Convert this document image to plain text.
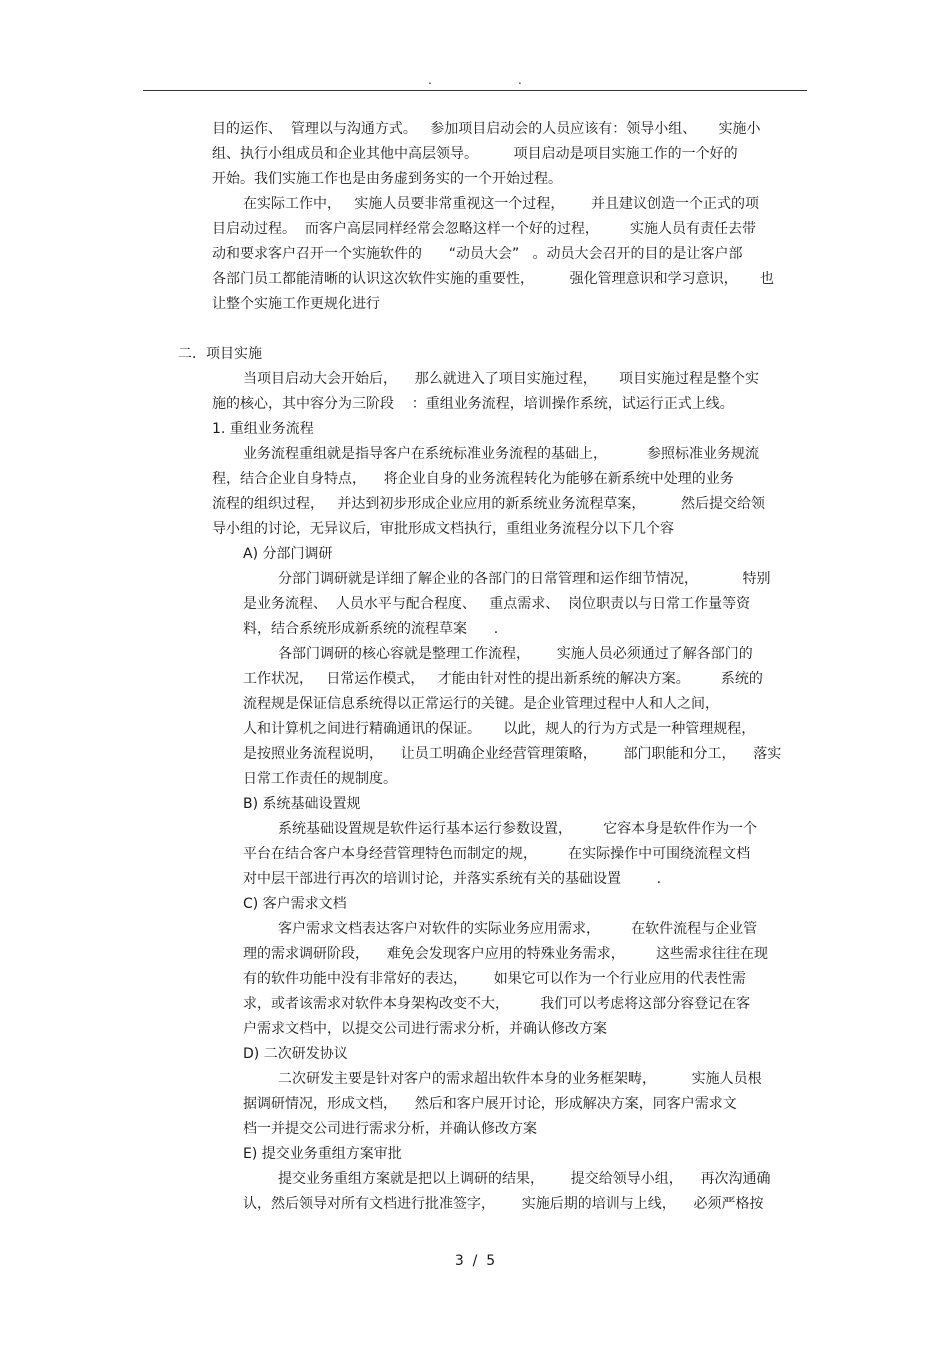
.	.
目的运作、  管理以与沟通方式。   参加项目启动会的人员应该有：领导小组、     实施小
组、执行小组成员和企业其他中高层领导。        项目启动是项目实施工作的一个好的
开始。我们实施工作也是由务虚到务实的一个开始过程。
在实际工作中，   实施人员要非常重视这一个过程，      并且建议创造一个正式的项
目启动过程。  而客户高层同样经常会忽略这样一个好的过程，       实施人员有责任去带
动和要求客户召开一个实施软件的      “动员大会”   。动员大会召开的目的是让客户部
各部门员工都能清晰的认识这次软件实施的重要性，        强化管理意识和学习意识，     也
让整个实施工作更规化进行
二．项目实施
当项目启动大会开始后，    那么就进入了项目实施过程，     项目实施过程是整个实
施的核心，其中容分为三阶段    ：重组业务流程，培训操作系统，试运行正式上线。
1. 重组业务流程
业务流程重组就是指导客户在系统标准业务流程的基础上，         参照标准业务规流
程，结合企业自身特点，    将企业自身的业务流程转化为能够在新系统中处理的业务
流程的组织过程，   并达到初步形成企业应用的新系统业务流程草案，        然后提交给领
导小组的讨论，无异议后，审批形成文档执行，重组业务流程分以下几个容
A) 分部门调研
分部门调研就是详细了解企业的各部门的日常管理和运作细节情况，          特别
是业务流程、  人员水平与配合程度、   重点需求、  岗位职责以与日常工作量等资
料，结合系统形成新系统的流程草案      .
各部门调研的核心容就是整理工作流程，      实施人员必须通过了解各部门的
工作状况，   日常运作模式，   才能由针对性的提出新系统的解决方案。       系统的
流程规是保证信息系统得以正常运行的关键。是企业管理过程中人和人之间，
人和计算机之间进行精确通讯的保证。     以此，规人的行为方式是一种管理规程，
是按照业务流程说明，    让员工明确企业经营管理策略，      部门职能和分工，    落实
日常工作责任的规制度。
B) 系统基础设置规
系统基础设置规是软件运行基本运行参数设置，       它容本身是软件作为一个
平台在结合客户本身经营管理特色而制定的规，       在实际操作中可围绕流程文档
对中层干部进行再次的培训讨论，并落实系统有关的基础设置        .
C) 客户需求文档
客户需求文档表达客户对软件的实际业务应用需求，       在软件流程与企业管
理的需求调研阶段，    难免会发现客户应用的特殊业务需求，       这些需求往往在现
有的软件功能中没有非常好的表达，      如果它可以作为一个行业应用的代表性需
求，或者该需求对软件本身架构改变不大，       我们可以考虑将这部分容登记在客
户需求文档中，以提交公司进行需求分析，并确认修改方案
D) 二次研发协议
二次研发主要是针对客户的需求超出软件本身的业务框架畴，        实施人员根
据调研情况，形成文档，    然后和客户展开讨论，形成解决方案，同客户需求文
档一并提交公司进行需求分析，并确认修改方案
E) 提交业务重组方案审批
提交业务重组方案就是把以上调研的结果，      提交给领导小组，    再次沟通确
认，然后领导对所有文档进行批准签字，      实施后期的培训与上线，    必须严格按
3  /  5
